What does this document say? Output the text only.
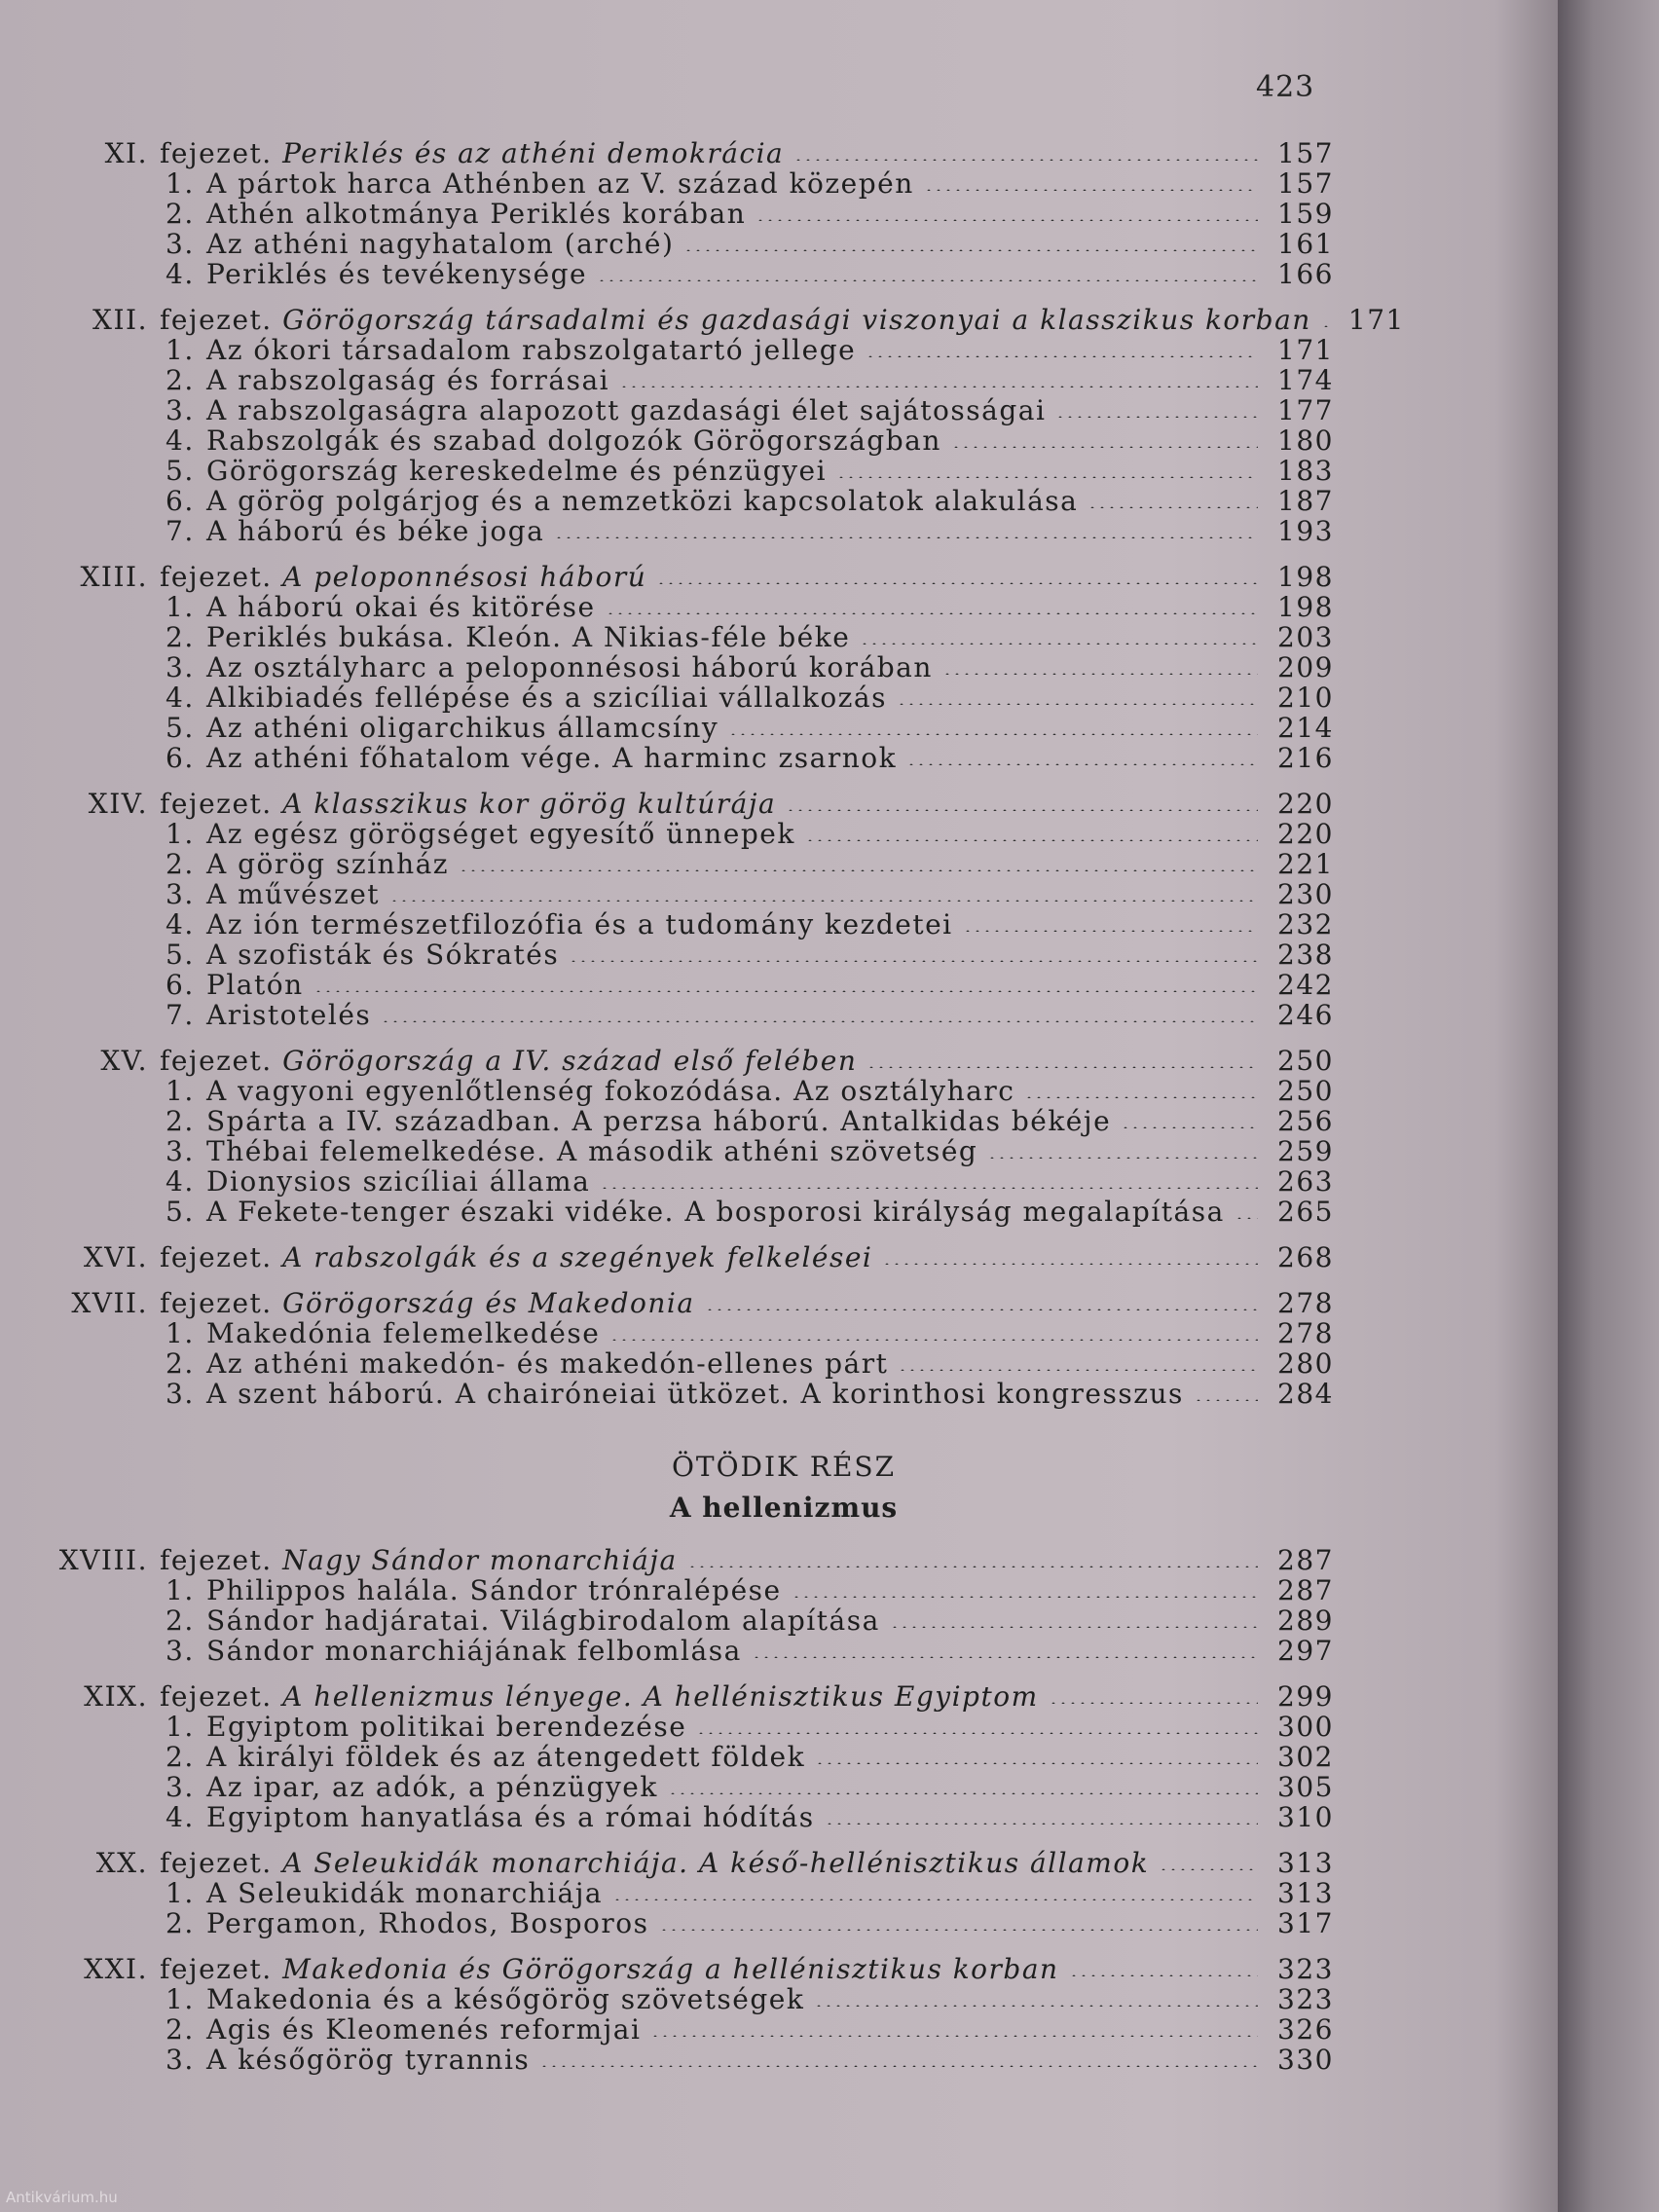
423
XI. fejezet. Periklés és az athéni demokrácia	157
1. A pártok harca Athénben az V. század közepén	157
2. Athén alkotmánya Periklés korában	159
3. Az athéni nagyhatalom (arché)	161
4. Periklés és tevékenysége	166
XII. fejezet. Görögország társadalmi és gazdasági viszonyai a klasszikus korban	171
1. Az ókori társadalom rabszolgatartó jellege	171
2. A rabszolgaság és forrásai	174
3. A rabszolgaságra alapozott gazdasági élet sajátosságai	177
4. Rabszolgák és szabad dolgozók Görögországban	180
5. Görögország kereskedelme és pénzügyei	183
6. A görög polgárjog és a nemzetközi kapcsolatok alakulása	187
7. A háború és béke joga	193
XIII. fejezet. A peloponnésosi háború	198
1. A háború okai és kitörése	198
2. Periklés bukása. Kleón. A Nikias-féle béke	203
3. Az osztályharc a peloponnésosi háború korában	209
4. Alkibiadés fellépése és a szicíliai vállalkozás	210
5. Az athéni oligarchikus államcsíny	214
6. Az athéni főhatalom vége. A harminc zsarnok	216
XIV. fejezet. A klasszikus kor görög kultúrája	220
1. Az egész görögséget egyesítő ünnepek	220
2. A görög színház	221
3. A művészet	230
4. Az ión természetfilozófia és a tudomány kezdetei	232
5. A szofisták és Sókratés	238
6. Platón	242
7. Aristotelés	246
XV. fejezet. Görögország a IV. század első felében	250
1. A vagyoni egyenlőtlenség fokozódása. Az osztályharc	250
2. Spárta a IV. században. A perzsa háború. Antalkidas békéje	256
3. Thébai felemelkedése. A második athéni szövetség	259
4. Dionysios szicíliai állama	263
5. A Fekete-tenger északi vidéke. A bosporosi királyság megalapítása	265
XVI. fejezet. A rabszolgák és a szegények felkelései	268
XVII. fejezet. Görögország és Makedonia	278
1. Makedónia felemelkedése	278
2. Az athéni makedón- és makedón-ellenes párt	280
3. A szent háború. A chairóneiai ütközet. A korinthosi kongresszus	284
ÖTÖDIK RÉSZ
A hellenizmus
XVIII. fejezet. Nagy Sándor monarchiája	287
1. Philippos halála. Sándor trónralépése	287
2. Sándor hadjáratai. Világbirodalom alapítása	289
3. Sándor monarchiájának felbomlása	297
XIX. fejezet. A hellenizmus lényege. A hellénisztikus Egyiptom	299
1. Egyiptom politikai berendezése	300
2. A királyi földek és az átengedett földek	302
3. Az ipar, az adók, a pénzügyek	305
4. Egyiptom hanyatlása és a római hódítás	310
XX. fejezet. A Seleukidák monarchiája. A késő-hellénisztikus államok	313
1. A Seleukidák monarchiája	313
2. Pergamon, Rhodos, Bosporos	317
XXI. fejezet. Makedonia és Görögország a hellénisztikus korban	323
1. Makedonia és a későgörög szövetségek	323
2. Agis és Kleomenés reformjai	326
3. A későgörög tyrannis	330
Antikvárium.hu
